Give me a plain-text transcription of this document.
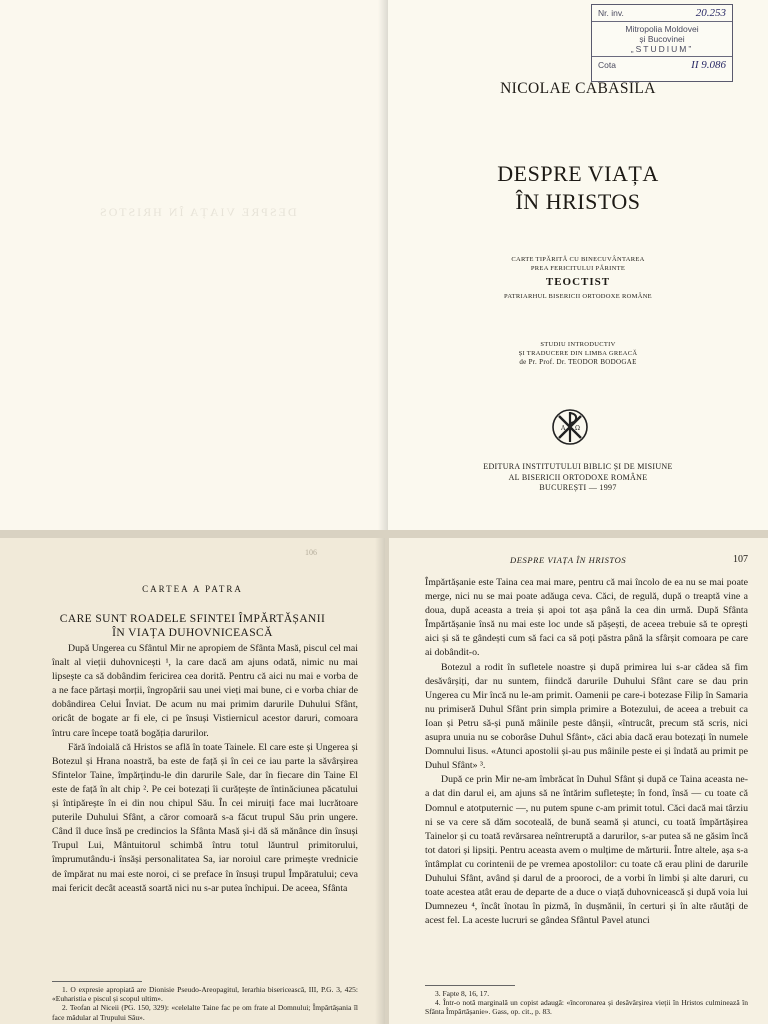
DESPRE VIAȚA ÎN HRISTOS
Nr. inv.	20.253
Mitropolia Moldovei
și Bucovinei
„STUDIUM”
Cota	II 9.086
NICOLAE CABASILA
DESPRE VIAȚA
ÎN HRISTOS
CARTE TIPĂRITĂ CU BINECUVÂNTAREA
PREA FERICITULUI PĂRINTE
TEOCTIST
PATRIARHUL BISERICII ORTODOXE ROMÂNE
STUDIU INTRODUCTIV
ȘI TRADUCERE DIN LIMBA GREACĂ
de Pr. Prof. Dr. TEODOR BODOGAE
A Ω
EDITURA INSTITUTULUI BIBLIC ȘI DE MISIUNE
AL BISERICII ORTODOXE ROMÂNE
BUCUREȘTI — 1997
106
CARTEA A PATRA
CARE SUNT ROADELE SFINTEI ÎMPĂRTĂȘANII
ÎN VIAȚA DUHOVNICEASCĂ

După Ungerea cu Sfântul Mir ne apropiem de Sfânta Masă, piscul cel mai înalt al vieții duhovnicești ¹, la care dacă am ajuns odată, nimic nu mai lipsește ca să dobândim fericirea cea dorită. Pentru că aici nu mai e vorba de a ne face părtași morții, îngropării sau unei vieți mai bune, ci e vorba chiar de dobândirea Celui Înviat. De acum nu mai primim darurile Duhului Sfânt, oricât de bogate ar fi ele, ci pe însuși Vistiernicul acestor daruri, comoara întru care începe toată bogăția darurilor.

Fără îndoială că Hristos se află în toate Tainele. El care este și Ungerea și Botezul și Hrana noastră, ba este de față și în cei ce iau parte la săvârșirea Sfintelor Taine, împărțindu-le din darurile Sale, dar în fiecare din Taine El este de față în alt chip ². Pe cei botezați îi curățește de întinăciunea păcatului și întipărește în ei din nou chipul Său. În cei miruiți face mai lucrătoare puterile Duhului Sfânt, a căror comoară s-a făcut trupul Său prin ungere. Când îl duce însă pe credincios la Sfânta Masă și-i dă să mănânce din însuși Trupul Lui, Mântuitorul schimbă întru totul lăuntrul primitorului, împrumutându-i însăși personalitatea Sa, iar noroiul care primește vrednicie de împărat nu mai este noroi, ci se preface în însuși trupul Împăratului; ceva mai fericit decât această soartă nici nu s-ar putea închipui. De aceea, Sfânta

1. O expresie apropiată are Dionisie Pseudo-Areopagitul, Ierarhia bisericească, III, P.G. 3, 425: «Euharistia e piscul și scopul ultim».

2. Teofan al Niceii (PG. 150, 329): «celelalte Taine fac pe om frate al Domnului; Împărtășania îl face mădular al Trupului Său».

Împărtășanie este Taina cea mai mare, pentru că mai încolo de ea nu se mai poate merge, nici nu se mai poate adăuga ceva. Căci, de regulă, după o treaptă vine a doua, după aceasta a treia și apoi tot așa până la cea din urmă. După Sfânta Împărtășanie însă nu mai este loc unde să pășești, de aceea trebuie să te oprești aici și să te gândești cum să faci ca să poți păstra până la sfârșit comoara pe care ai dobândit-o.

Botezul a rodit în sufletele noastre și după primirea lui s-ar cădea să fim desăvârșiți, dar nu suntem, fiindcă darurile Duhului Sfânt care se dau prin Ungerea cu Mir încă nu le-am primit. Oamenii pe care-i botezase Filip în Samaria nu primiseră Duhul Sfânt prin simpla primire a Botezului, de aceea a trebuit ca Ioan și Petru să-și pună mâinile peste dânșii, «întrucât, precum stă scris, nici asupra unuia nu se coborâse Duhul Sfânt», căci abia dacă erau botezați în numele Domnului Iisus. «Atunci apostolii și-au pus mâinile peste ei și îndată au primit pe Duhul Sfânt» ³.

După ce prin Mir ne-am îmbrăcat în Duhul Sfânt și după ce Taina aceasta ne-a dat din darul ei, am ajuns să ne întărim sufletește; în fond, însă — cu toate că Domnul e atotputernic —, nu putem spune c-am primit totul. Căci dacă mai târziu ni se va cere să dăm socoteală, de bună seamă și atunci, cu toată împărtășirea Tainelor și cu toată revărsarea neîntreruptă a darurilor, s-ar putea să ne găsim încă tot datori și lipsiți. Pentru aceasta avem o mulțime de mărturii. Între altele, așa s-a întâmplat cu corintenii de pe vremea apostolilor: cu toate că erau plini de darurile Duhului Sfânt, având și darul de a prooroci, de a vorbi în limbi și alte daruri, cu toate acestea atât erau de departe de a duce o viață duhovnicească și după voia lui Dumnezeu ⁴, încât înotau în pizmă, în dușmănii, în certuri și în alte răutăți de acest fel. La aceste lucruri se gândea Sfântul Pavel atunci

3. Fapte 8, 16, 17.

4. Într-o notă marginală un copist adaugă: «încoronarea și desăvârșirea vieții în Hristos culminează în Sfânta Împărtășanie». Gass, op. cit., p. 83.

DESPRE VIAȚA ÎN HRISTOS	107
